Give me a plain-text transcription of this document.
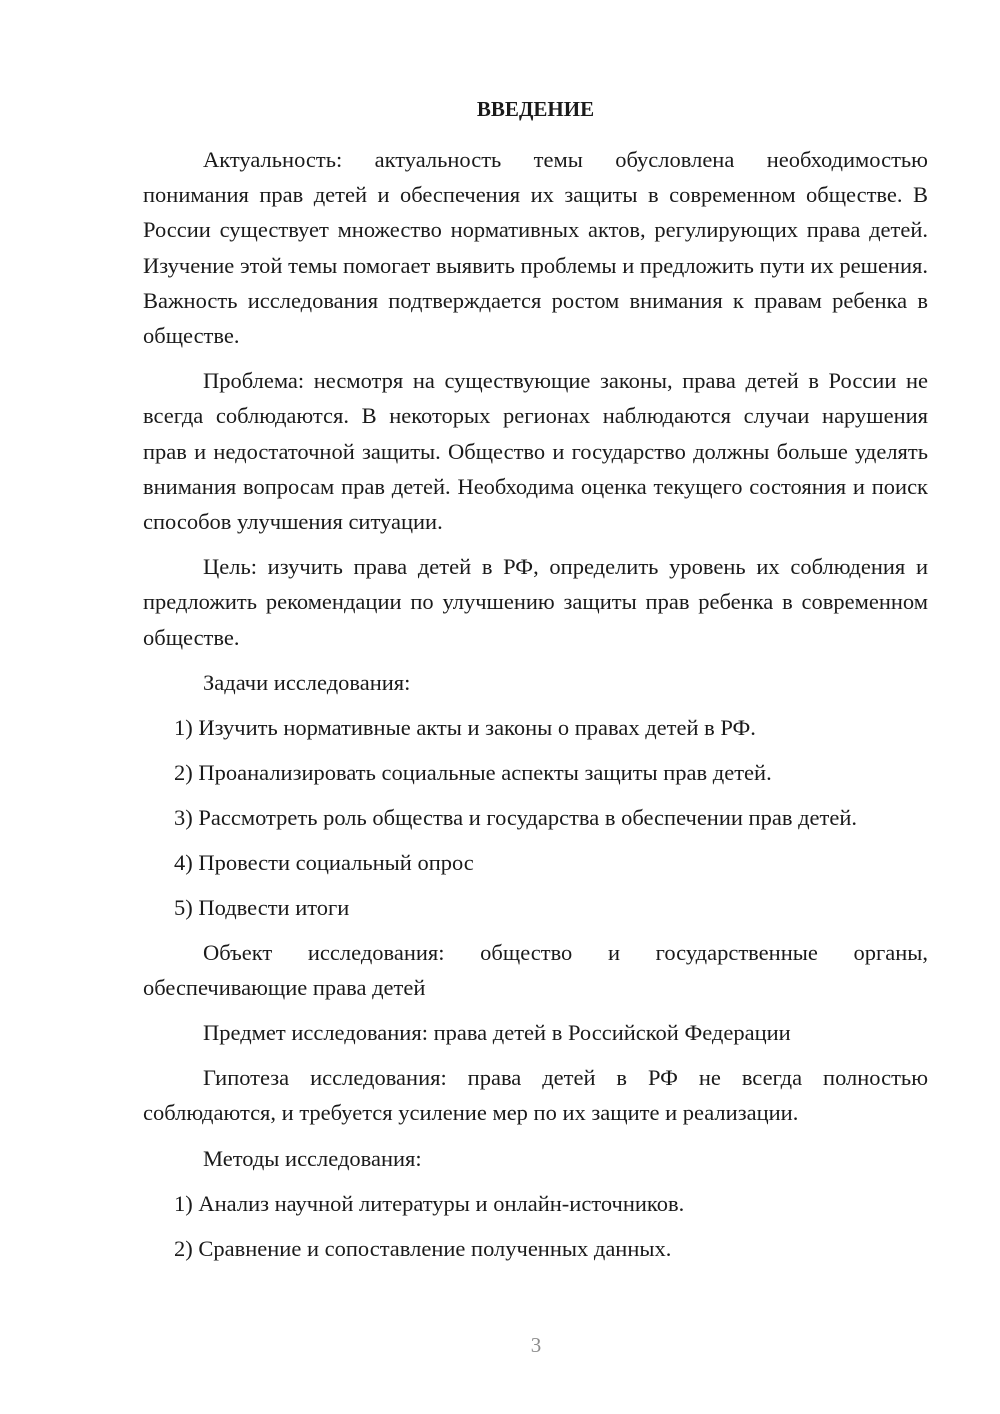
ВВЕДЕНИЕ

Актуальность: актуальность темы обусловлена необходимостью понимания прав детей и обеспечения их защиты в современном обществе. В России существует множество нормативных актов, регулирующих права детей. Изучение этой темы помогает выявить проблемы и предложить пути их решения. Важность исследования подтверждается ростом внимания к правам ребенка в обществе.

Проблема: несмотря на существующие законы, права детей в России не всегда соблюдаются. В некоторых регионах наблюдаются случаи нарушения прав и недостаточной защиты. Общество и государство должны больше уделять внимания вопросам прав детей. Необходима оценка текущего состояния и поиск способов улучшения ситуации.

Цель: изучить права детей в РФ, определить уровень их соблюдения и предложить рекомендации по улучшению защиты прав ребенка в современном обществе.

Задачи исследования:
1) Изучить нормативные акты и законы о правах детей в РФ.
2) Проанализировать социальные аспекты защиты прав детей.
3) Рассмотреть роль общества и государства в обеспечении прав детей.
4) Провести социальный опрос
5) Подвести итоги

Объект исследования: общество и государственные органы, обеспечивающие права детей

Предмет исследования: права детей в Российской Федерации

Гипотеза исследования: права детей в РФ не всегда полностью соблюдаются, и требуется усиление мер по их защите и реализации.

Методы исследования:
1) Анализ научной литературы и онлайн-источников.
2) Сравнение и сопоставление полученных данных.
3
